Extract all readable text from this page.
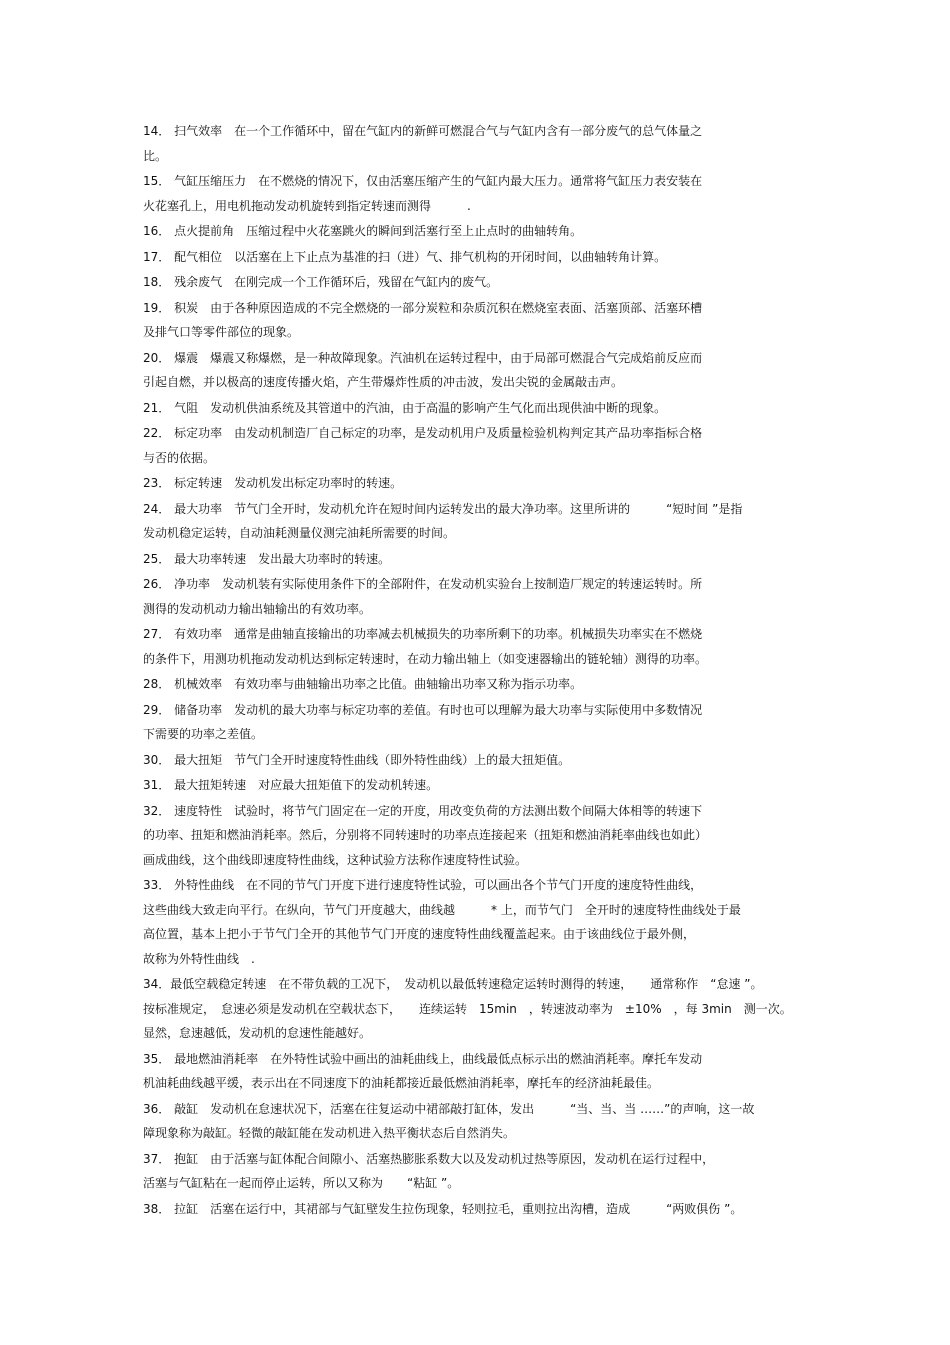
14． 扫气效率　在一个工作循环中，留在气缸内的新鲜可燃混合气与气缸内含有一部分废气的总气体量之
比。
15． 气缸压缩压力　在不燃烧的情况下，仅由活塞压缩产生的气缸内最大压力。通常将气缸压力表安装在
火花塞孔上，用电机拖动发动机旋转到指定转速而测得　　　.
16． 点火提前角　压缩过程中火花塞跳火的瞬间到活塞行至上止点时的曲轴转角。
17． 配气相位　以活塞在上下止点为基准的扫（进）气、排气机构的开闭时间，以曲轴转角计算。
18． 残余废气　在刚完成一个工作循环后，残留在气缸内的废气。
19． 积炭　由于各种原因造成的不完全燃烧的一部分炭粒和杂质沉积在燃烧室表面、活塞顶部、活塞环槽
及排气口等零件部位的现象。
20． 爆震　爆震又称爆燃，是一种故障现象。汽油机在运转过程中，由于局部可燃混合气完成焰前反应而
引起自燃，并以极高的速度传播火焰，产生带爆炸性质的冲击波，发出尖锐的金属敲击声。
21． 气阻　发动机供油系统及其管道中的汽油，由于高温的影响产生气化而出现供油中断的现象。
22． 标定功率　由发动机制造厂自己标定的功率，是发动机用户及质量检验机构判定其产品功率指标合格
与否的依据。
23． 标定转速　发动机发出标定功率时的转速。
24． 最大功率　节气门全开时，发动机允许在短时间内运转发出的最大净功率。这里所讲的　　　“短时间 ”是指
发动机稳定运转，自动油耗测量仪测完油耗所需要的时间。
25． 最大功率转速　发出最大功率时的转速。
26． 净功率　发动机装有实际使用条件下的全部附件，在发动机实验台上按制造厂规定的转速运转时。所
测得的发动机动力输出轴输出的有效功率。
27． 有效功率　通常是曲轴直接输出的功率减去机械损失的功率所剩下的功率。机械损失功率实在不燃烧
的条件下，用测功机拖动发动机达到标定转速时，在动力输出轴上（如变速器输出的链轮轴）测得的功率。
28． 机械效率　有效功率与曲轴输出功率之比值。曲轴输出功率又称为指示功率。
29． 储备功率　发动机的最大功率与标定功率的差值。有时也可以理解为最大功率与实际使用中多数情况
下需要的功率之差值。
30． 最大扭矩　节气门全开时速度特性曲线（即外特性曲线）上的最大扭矩值。
31． 最大扭矩转速　对应最大扭矩值下的发动机转速。
32． 速度特性　试验时，将节气门固定在一定的开度，用改变负荷的方法测出数个间隔大体相等的转速下
的功率、扭矩和燃油消耗率。然后，分别将不同转速时的功率点连接起来（扭矩和燃油消耗率曲线也如此）
画成曲线，这个曲线即速度特性曲线，这种试验方法称作速度特性试验。
33． 外特性曲线　在不同的节气门开度下进行速度特性试验，可以画出各个节气门开度的速度特性曲线，
这些曲线大致走向平行。在纵向，节气门开度越大，曲线越　　　* 上，而节气门　全开时的速度特性曲线处于最
高位置，基本上把小于节气门全开的其他节气门开度的速度特性曲线覆盖起来。由于该曲线位于最外侧，
故称为外特性曲线　.
34．最低空载稳定转速　在不带负载的工况下，　发动机以最低转速稳定运转时测得的转速，　　通常称作　“怠速 ”。
按标准规定，　怠速必须是发动机在空载状态下，　　连续运转　15min　，转速波动率为　±10%　，每 3min　测一次。
显然，怠速越低，发动机的怠速性能越好。
35． 最地燃油消耗率　在外特性试验中画出的油耗曲线上，曲线最低点标示出的燃油消耗率。摩托车发动
机油耗曲线越平缓，表示出在不同速度下的油耗都接近最低燃油消耗率，摩托车的经济油耗最佳。
36． 敲缸　发动机在怠速状况下，活塞在往复运动中裙部敲打缸体，发出　　　“当、当、当 ……”的声响，这一故
障现象称为敲缸。轻微的敲缸能在发动机进入热平衡状态后自然消失。
37． 抱缸　由于活塞与缸体配合间隙小、活塞热膨胀系数大以及发动机过热等原因，发动机在运行过程中，
活塞与气缸粘在一起而停止运转，所以又称为　　“粘缸 ”。
38． 拉缸　活塞在运行中，其裙部与气缸壁发生拉伤现象，轻则拉毛，重则拉出沟槽，造成　　　“两败俱伤 ”。
